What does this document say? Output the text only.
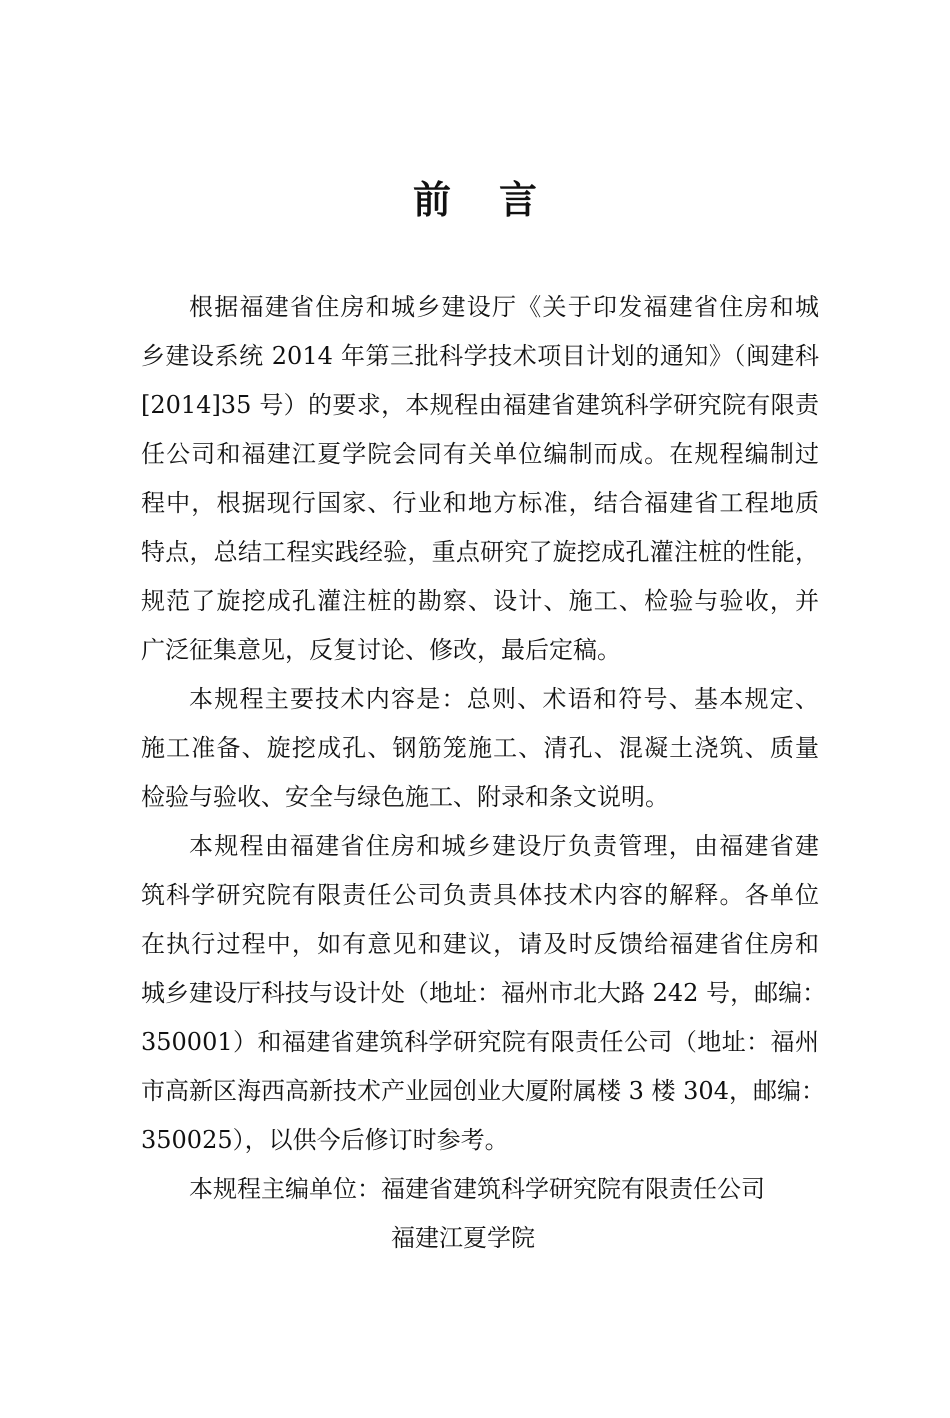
前言
根据福建省住房和城乡建设厅《关于印发福建省住房和城
乡建设系统 2014 年第三批科学技术项目计划的通知》（闽建科
[2014]35 号）的要求，本规程由福建省建筑科学研究院有限责
任公司和福建江夏学院会同有关单位编制而成。在规程编制过
程中，根据现行国家、行业和地方标准，结合福建省工程地质
特点，总结工程实践经验，重点研究了旋挖成孔灌注桩的性能，
规范了旋挖成孔灌注桩的勘察、设计、施工、检验与验收，并
广泛征集意见，反复讨论、修改，最后定稿。
本规程主要技术内容是：总则、术语和符号、基本规定、
施工准备、旋挖成孔、钢筋笼施工、清孔、混凝土浇筑、质量
检验与验收、安全与绿色施工、附录和条文说明。
本规程由福建省住房和城乡建设厅负责管理，由福建省建
筑科学研究院有限责任公司负责具体技术内容的解释。各单位
在执行过程中，如有意见和建议，请及时反馈给福建省住房和
城乡建设厅科技与设计处（地址：福州市北大路 242 号，邮编：
350001）和福建省建筑科学研究院有限责任公司（地址：福州
市高新区海西高新技术产业园创业大厦附属楼 3 楼 304，邮编：
350025），以供今后修订时参考。
本规程主编单位：福建省建筑科学研究院有限责任公司
福建江夏学院
